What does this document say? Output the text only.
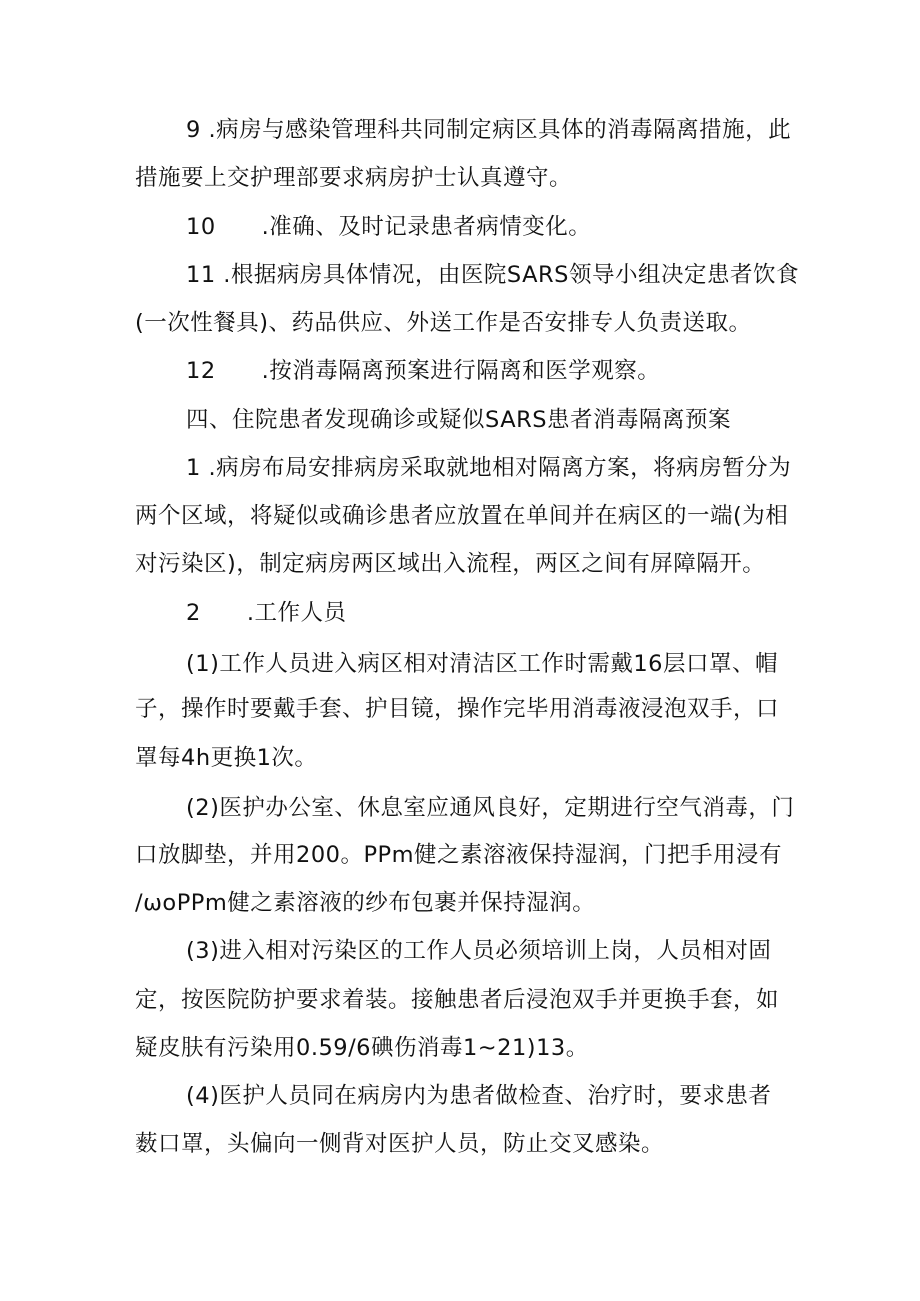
9 .病房与感染管理科共同制定病区具体的消毒隔离措施，此
措施要上交护理部要求病房护士认真遵守。
10　　.准确、及时记录患者病情变化。
11 .根据病房具体情况，由医院SARS领导小组决定患者饮食
(一次性餐具)、药品供应、外送工作是否安排专人负责送取。
12　　.按消毒隔离预案进行隔离和医学观察。
四、住院患者发现确诊或疑似SARS患者消毒隔离预案
1 .病房布局安排病房采取就地相对隔离方案，将病房暂分为
两个区域，将疑似或确诊患者应放置在单间并在病区的一端(为相
对污染区)，制定病房两区域出入流程，两区之间有屏障隔开。
2　　.工作人员
(1)工作人员进入病区相对清洁区工作时需戴16层口罩、帽
子，操作时要戴手套、护目镜，操作完毕用消毒液浸泡双手，口
罩每4h更换1次。
(2)医护办公室、休息室应通风良好，定期进行空气消毒，门
口放脚垫，并用200。PPm健之素溶液保持湿润，门把手用浸有
/ωoPPm健之素溶液的纱布包裹并保持湿润。
(3)进入相对污染区的工作人员必须培训上岗，人员相对固
定，按医院防护要求着装。接触患者后浸泡双手并更换手套，如
疑皮肤有污染用0.59/6碘伤消毒1~21)13。
(4)医护人员同在病房内为患者做检查、治疗时，要求患者
薮口罩，头偏向一侧背对医护人员，防止交叉感染。
